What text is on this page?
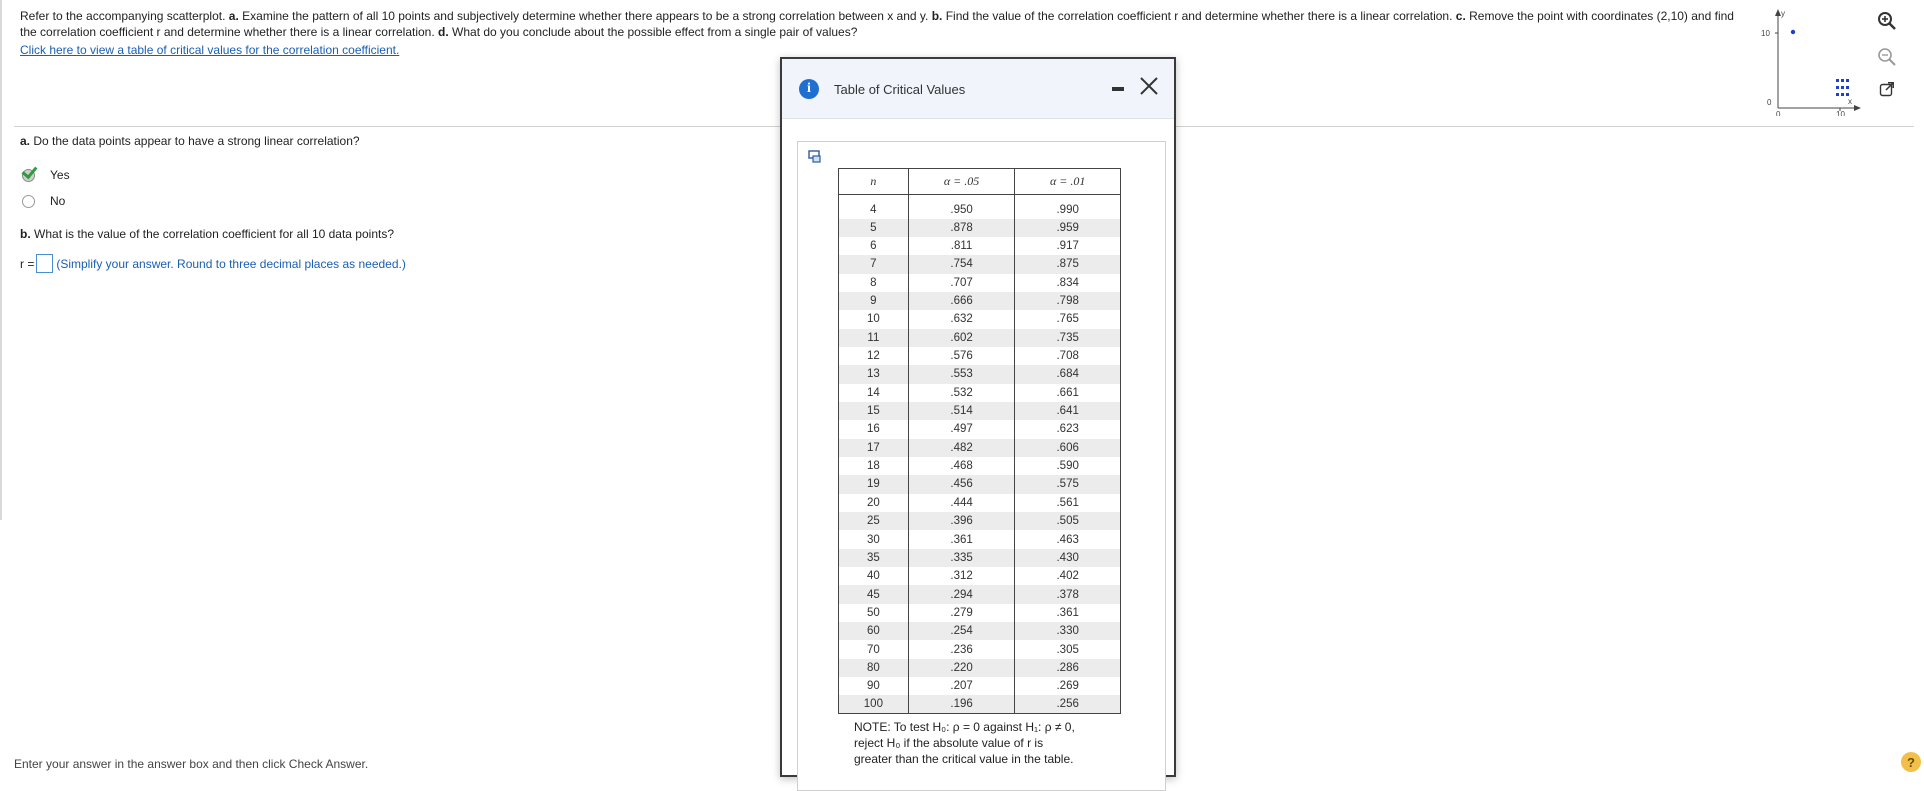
Refer to the accompanying scatterplot. a. Examine the pattern of all 10 points and subjectively determine whether there appears to be a strong correlation between x and y. b. Find the value of the correlation coefficient r and determine whether there is a linear correlation. c. Remove the point with coordinates (2,10) and find the correlation coefficient r and determine whether there is a linear correlation. d. What do you conclude about the possible effect from a single pair of values?
Click here to view a table of critical values for the correlation coefficient.
y
x
10
0
0	10
a. Do the data points appear to have a strong linear correlation?
Yes
No
b. What is the value of the correlation coefficient for all 10 data points?
r = (Simplify your answer. Round to three decimal places as needed.)
Enter your answer in the answer box and then click Check Answer.	?
i	Table of Critical Values
n	α = .05	α = .01
4	.950	.990
5	.878	.959
6	.811	.917
7	.754	.875
8	.707	.834
9	.666	.798
10	.632	.765
11	.602	.735
12	.576	.708
13	.553	.684
14	.532	.661
15	.514	.641
16	.497	.623
17	.482	.606
18	.468	.590
19	.456	.575
20	.444	.561
25	.396	.505
30	.361	.463
35	.335	.430
40	.312	.402
45	.294	.378
50	.279	.361
60	.254	.330
70	.236	.305
80	.220	.286
90	.207	.269
100	.196	.256
NOTE: To test H₀: ρ = 0 against H₁: ρ ≠ 0,
reject H₀ if the absolute value of r is
greater than the critical value in the table.
